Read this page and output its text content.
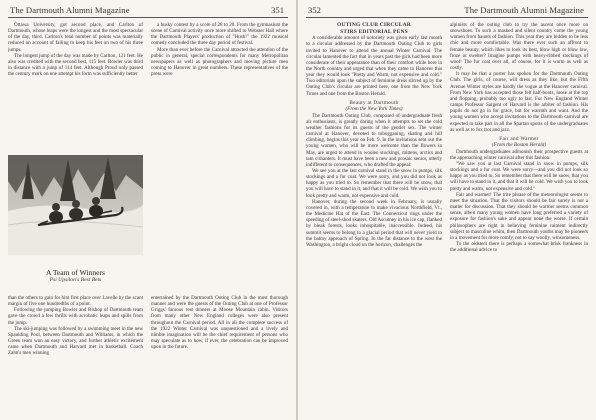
The Dartmouth Alumni Magazine	351

Ottawa University, got second place, and Carlton of Dartmouth, whose leaps were the longest and the most spectacular of the day, third. Carlton's total number of points was materially reduced on account of failing to keep his feet on two of his three jumps.

The longest jump of the day was made by Carlton, 121 feet. He also was credited with the second best, 115 feet. Bowler was third in distance with a jump of 114 feet. Although Proud only passed the century mark on one attempt his form was sufficiently better

a husky contest by a score of 28 to 20. From the gymnasium the scene of Carnival activity once more shifted to Webster Hall where the Dartmouth Players' production of "Hush!" the 1922 musical comedy concluded the three day period of festival.

More than ever before the Carnival attracted the attention of the public in general, special correspondents for many Metropolitan newspapers as well as photographers and moving picture men coming to Hanover in great numbers. These representatives of the press were

A Team of Winners
Psi Upsilon's Best Bets

than the others to gain for him first place over Lavelle by the scant margin of five one hundredths of a point.

Following the jumping Bowler and Bishop of Dartmouth team gave the crowd a few thrills with acrobatic leaps and spills from the jump.

The ski-jumping was followed by a swimming meet in the new Spaulding Pool, between Dartmouth and Williams, in which the Green team won an easy victory, and further athletic excitement came when Dartmouth and Harvard met in basketball. Coach Zahn's men winning

entertained by the Dartmouth Outing Club in the most thorough manner and were the guests of the Outing Club at one of Professor Griggs' famous rest dinners at Moose Mountain cabin. Visitors from many other New England colleges were also present throughout the Carnival period. All in all the complete success of the 1922 Winter Carnival was unquestioned and a lively and nimble imagination will be the chief requirement of persons who may speculate as to how, if ever, the celebration can be improved upon in the future.

352	The Dartmouth Alumni Magazine
OUTING CLUB CIRCULAR
STIRS EDITORIAL PENS

A considerable amount of notoriety was given early last month to a circular addressed by the Dartmouth Outing Club to girls invited to Hanover to attend the annual Winter Carnival. The circular lamented the fact that in years past the girls had been more considerate of their appearance than of their comfort while here in the North country and urged that when they came to Hanover this year they would look "Pretty and Warm, not expensive and cold." Two editorials upon the subject of feminine dress stirred up by the Outing Club's circular are printed here, one from the New York Times and one from the Boston Herald.

Beauty at Dartmouth
(From the New York Times)

The Dartmouth Outing Club, composed of undergraduate fresh air enthusiasts, is greatly daring when it attempts to set the cold weather fashions for its guests of the gentler sex. The winter carnival at Hanover, devoted to tobogganing, skating and hill climbing, begins this year on Feb. 9. In the invitations sent out the young women, who will be more welcome than the flowers in May, are urged to attend in woolen stockings, mittens, arctics and tam o'shanters. It must have been a new and prosaic senior, utterly indifferent to consequences, who drafted the appeal:

We see you at the last carnival stand in the snow in pumps, silk stockings and a fur coat. We were sorry, and you did not look as happy as you tried to. So remember that there will be snow, that you will have to stand in it, and that it will be cold. We wish you to look pretty and warm, not expensive and cold.

Hanover, during the second week in February, is usually covered in, with a temperature to make vivacious Northfield, Vt., the Medicine Hat of the East. The Connecticut rings under the speeding of steel-shod skaters. Old Ascutney in his ice cap, flanked by bleak forests, looks inhospitable, inaccessible. Indeed, his summit seems to belong to a glacial period that will never yield to the balmy approach of Spring. In the far distance to the west the Washington, a bright cloud on the horizon, challenges the

alpinists of the outing club to try the ascent once more on snowshoes. To such a masked and silent country come the young women from haunts of fashion. This year they are bidden to be less chic and more comfortable. Was there ever such an affront to female beauty, which likes to look its best, blow high or blow low, froze or swelter? Imagine pumps with heavy-ribbed stockings of wool! The fur coat over all, of course, for it is warm as well as costly.

It may be that a poster has spoken for the Dartmouth Outing Club. The girls, of course, will dress as they like, but the Fifth Avenue Winter styles are hardly the vogue at the Hanover carnival. From New York has accepted those felt half-boots, loose at the top and flopping, probably too ugly to last. For New England Winter camps Professor Sargent of Harvard is the arbiter of fashion. His pupils do not go in for grace, but for warmth and want. And the young women who accept invitations to the Dartmouth carnival are expected to take part in all the Spartan sports of the undergraduates as well as to fox trot and jazz.

Fair and Warmer
(From the Boston Herald)

Dartmouth undergraduates admonish their prospective guests at the approaching winter carnival after this fashion:

"We saw you at last Carnival stand in snow in pumps, silk stockings and a fur coat. We were sorry—and you did not look so happy as you tried to. So remember that there will be snow, that you will have to stand in it, and that it will be cold. We wish you to look pretty and warm, not expensive and cold."

Fair and warmer! The trite phrase of the meteorologist seems to meet the situation. That the visitors should be fair surely is not a matter for discussion. That they should be warmer seems common sense, albeit many young women have long preferred a variety of exposure for fashion's sake and appear none the worse. If certain philosophers are right in believing feminine raiment indirectly subject to masculine whim, then Dartmouth youths may be pioneers in a movement for more comfy, not to say woolly, winsomeness.

To the oldsters there is perhaps a somewhat brisk frankness in the additional advice to
